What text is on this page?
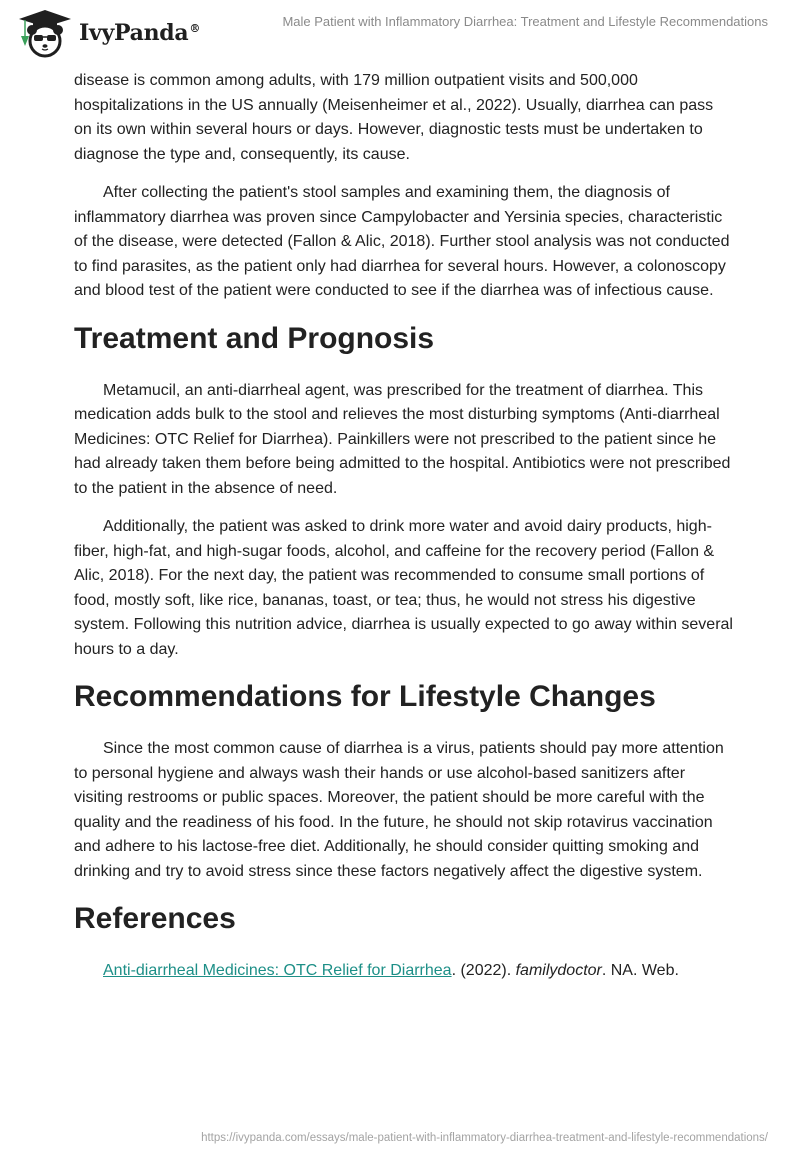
IvyPanda®	Male Patient with Inflammatory Diarrhea: Treatment and Lifestyle Recommendations

disease is common among adults, with 179 million outpatient visits and 500,000 hospitalizations in the US annually (Meisenheimer et al., 2022). Usually, diarrhea can pass on its own within several hours or days. However, diagnostic tests must be undertaken to diagnose the type and, consequently, its cause.

After collecting the patient's stool samples and examining them, the diagnosis of inflammatory diarrhea was proven since Campylobacter and Yersinia species, characteristic of the disease, were detected (Fallon & Alic, 2018). Further stool analysis was not conducted to find parasites, as the patient only had diarrhea for several hours. However, a colonoscopy and blood test of the patient were conducted to see if the diarrhea was of infectious cause.

Treatment and Prognosis

Metamucil, an anti-diarrheal agent, was prescribed for the treatment of diarrhea. This medication adds bulk to the stool and relieves the most disturbing symptoms (Anti-diarrheal Medicines: OTC Relief for Diarrhea). Painkillers were not prescribed to the patient since he had already taken them before being admitted to the hospital. Antibiotics were not prescribed to the patient in the absence of need.

Additionally, the patient was asked to drink more water and avoid dairy products, high-fiber, high-fat, and high-sugar foods, alcohol, and caffeine for the recovery period (Fallon & Alic, 2018). For the next day, the patient was recommended to consume small portions of food, mostly soft, like rice, bananas, toast, or tea; thus, he would not stress his digestive system. Following this nutrition advice, diarrhea is usually expected to go away within several hours to a day.

Recommendations for Lifestyle Changes

Since the most common cause of diarrhea is a virus, patients should pay more attention to personal hygiene and always wash their hands or use alcohol-based sanitizers after visiting restrooms or public spaces. Moreover, the patient should be more careful with the quality and the readiness of his food. In the future, he should not skip rotavirus vaccination and adhere to his lactose-free diet. Additionally, he should consider quitting smoking and drinking and try to avoid stress since these factors negatively affect the digestive system.

References

Anti-diarrheal Medicines: OTC Relief for Diarrhea. (2022). familydoctor. NA. Web.

https://ivypanda.com/essays/male-patient-with-inflammatory-diarrhea-treatment-and-lifestyle-recommendations/
